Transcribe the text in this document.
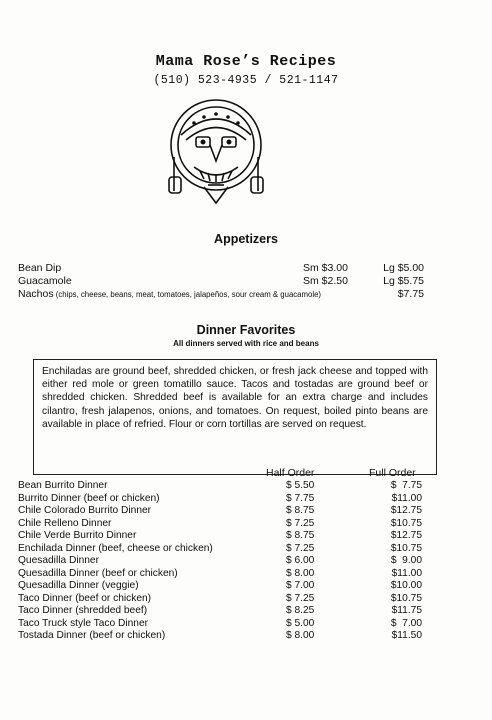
Mama Rose’s Recipes
(510) 523-4935 / 521-1147
Appetizers
Bean Dip	Sm $3.00	Lg $5.00
Guacamole	Sm $2.50	Lg $5.75
Nachos (chips, cheese, beans, meat, tomatoes, jalapeños, sour cream & guacamole)	$7.75
Dinner Favorites
All dinners served with rice and beans
Enchiladas are ground beef, shredded chicken, or fresh jack cheese and topped with either red mole or green tomatillo sauce. Tacos and tostadas are ground beef or shredded chicken. Shredded beef is available for an extra charge and includes cilantro, fresh jalapenos, onions, and tomatoes. On request, boiled pinto beans are available in place of refried. Flour or corn tortillas are served on request.
Half Order	Full Order
Bean Burrito Dinner	$ 5.50	$  7.75
Burrito Dinner (beef or chicken)	$ 7.75	$11.00
Chile Colorado Burrito Dinner	$ 8.75	$12.75
Chile Relleno Dinner	$ 7.25	$10.75
Chile Verde Burrito Dinner	$ 8.75	$12.75
Enchilada Dinner (beef, cheese or chicken)	$ 7.25	$10.75
Quesadilla Dinner	$ 6.00	$  9.00
Quesadilla Dinner (beef or chicken)	$ 8.00	$11.00
Quesadilla Dinner (veggie)	$ 7.00	$10.00
Taco Dinner (beef or chicken)	$ 7.25	$10.75
Taco Dinner (shredded beef)	$ 8.25	$11.75
Taco Truck style Taco Dinner	$ 5.00	$  7.00
Tostada Dinner (beef or chicken)	$ 8.00	$11.50
